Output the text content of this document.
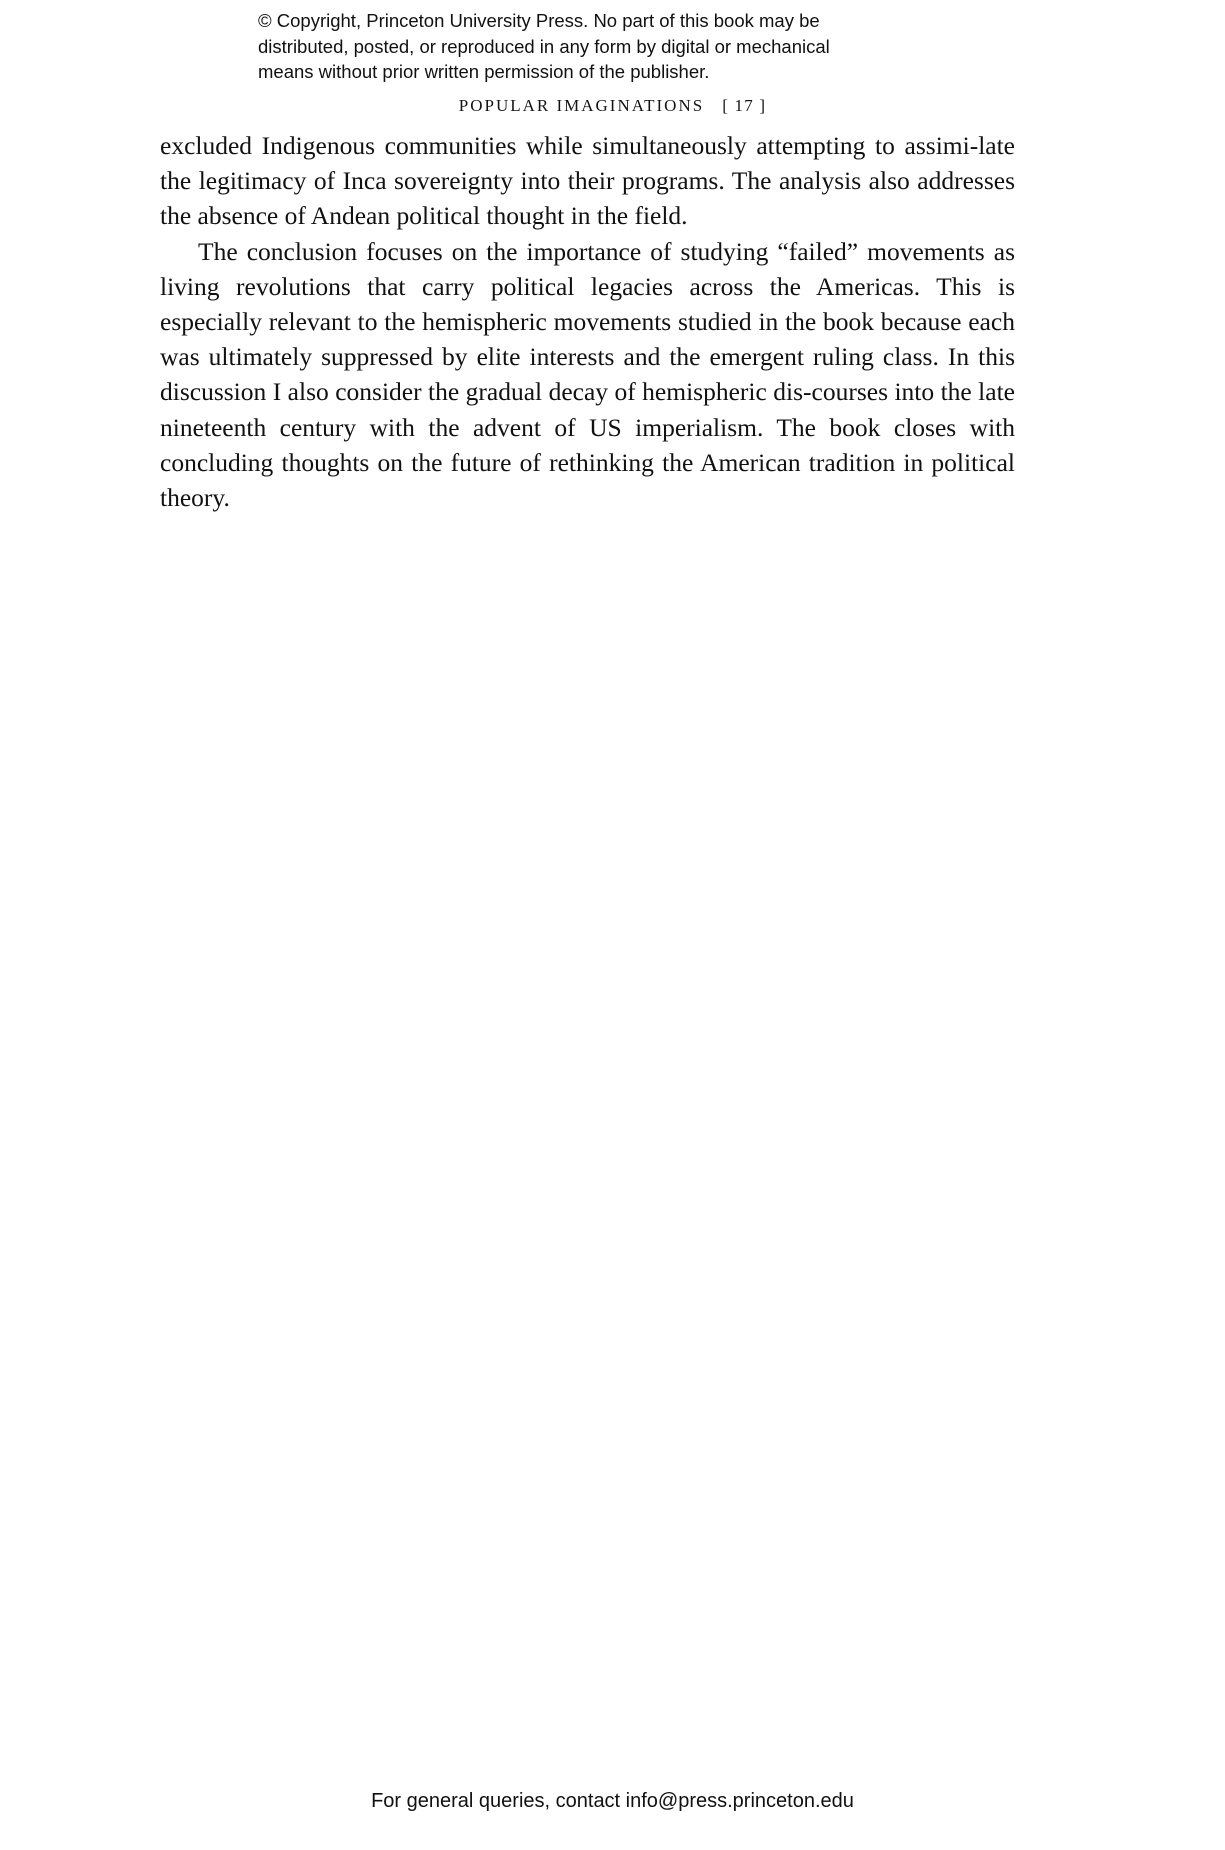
© Copyright, Princeton University Press. No part of this book may be
distributed, posted, or reproduced in any form by digital or mechanical
means without prior written permission of the publisher.
POPULAR IMAGINATIONS [ 17 ]

excluded Indigenous communities while simultaneously attempting to assimi‐late the legitimacy of Inca sovereignty into their programs. The analysis also addresses the absence of Andean political thought in the field.

The conclusion focuses on the importance of studying “failed” movements as living revolutions that carry political legacies across the Americas. This is especially relevant to the hemispheric movements studied in the book because each was ultimately suppressed by elite interests and the emergent ruling class. In this discussion I also consider the gradual decay of hemispheric dis‐courses into the late nineteenth century with the advent of US imperialism. The book closes with concluding thoughts on the future of rethinking the American tradition in political theory.

For general queries, contact info@press.princeton.edu
